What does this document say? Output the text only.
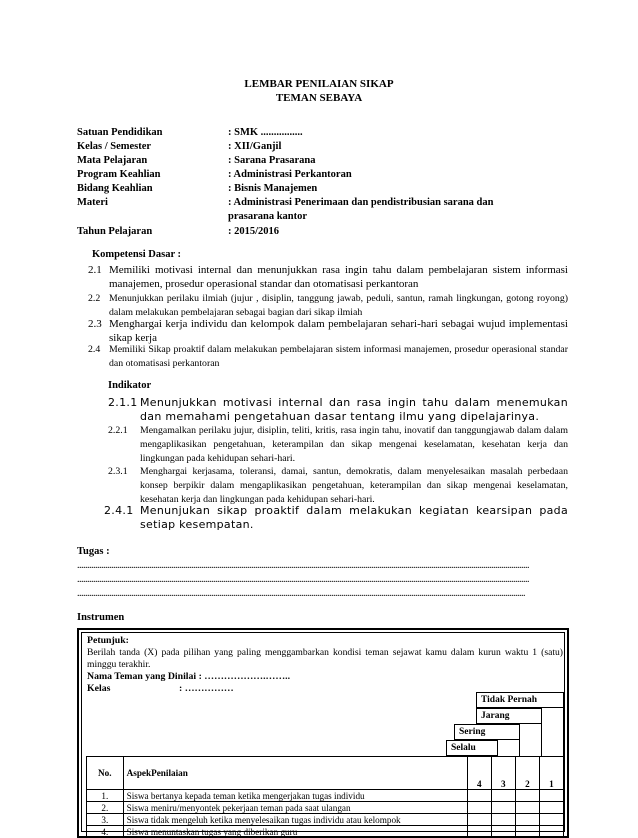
LEMBAR PENILAIAN SIKAP
TEMAN SEBAYA
Satuan Pendidikan	: SMK ................
Kelas / Semester	: XII/Ganjil
Mata Pelajaran	: Sarana Prasarana
Program Keahlian	: Administrasi Perkantoran
Bidang Keahlian	: Bisnis Manajemen
Materi	: Administrasi Penerimaan dan pendistribusian sarana dan
prasarana kantor
Tahun Pelajaran	: 2015/2016
Kompetensi Dasar :
2.1 Memiliki motivasi internal dan menunjukkan rasa ingin tahu dalam pembelajaran sistem informasi manajemen, prosedur operasional standar dan otomatisasi perkantoran
2.2 Menunjukkan perilaku ilmiah (jujur , disiplin, tanggung jawab, peduli, santun, ramah lingkungan, gotong royong) dalam melakukan pembelajaran sebagai bagian dari sikap ilmiah
2.3 Menghargai kerja individu dan kelompok dalam pembelajaran sehari-hari sebagai wujud implementasi sikap kerja
2.4 Memiliki Sikap proaktif dalam melakukan pembelajaran sistem informasi manajemen, prosedur operasional standar dan otomatisasi perkantoran
Indikator
2.1.1 Menunjukkan motivasi internal dan rasa ingin tahu dalam menemukan dan memahami pengetahuan dasar tentang ilmu yang dipelajarinya.
2.2.1 Mengamalkan perilaku jujur, disiplin, teliti, kritis, rasa ingin tahu, inovatif dan tanggungjawab dalam dalam mengaplikasikan pengetahuan, keterampilan dan sikap mengenai keselamatan, kesehatan kerja dan lingkungan pada kehidupan sehari-hari.
2.3.1 Menghargai kerjasama, toleransi, damai, santun, demokratis, dalam menyelesaikan masalah perbedaan konsep berpikir dalam mengaplikasikan pengetahuan, keterampilan dan sikap mengenai keselamatan, kesehatan kerja dan lingkungan pada kehidupan sehari-hari.
2.4.1 Menunjukan sikap proaktif dalam melakukan kegiatan kearsipan pada setiap kesempatan.
Tugas :
..................................................................................................................................................................................................................................
..................................................................................................................................................................................................................................
................................................................................................................................................................................................................................
Instrumen
Petunjuk:
Berilah tanda (X) pada pilihan yang paling menggambarkan kondisi teman sejawat kamu dalam kurun waktu 1 (satu) minggu terakhir.
Nama Teman yang Dinilai : ……………….……..
Kelas                            : ……………
Tidak Pernah
Jarang
Sering
Selalu
No.	AspekPenilaian	4	3	2	1
1.	Siswa bertanya kepada teman ketika mengerjakan tugas individu				
2.	Siswa meniru/menyontek pekerjaan teman pada saat ulangan				
3.	Siswa tidak mengeluh ketika menyelesaikan tugas individu atau kelompok				
4.	Siswa menuntaskan tugas yang diberikan guru				
